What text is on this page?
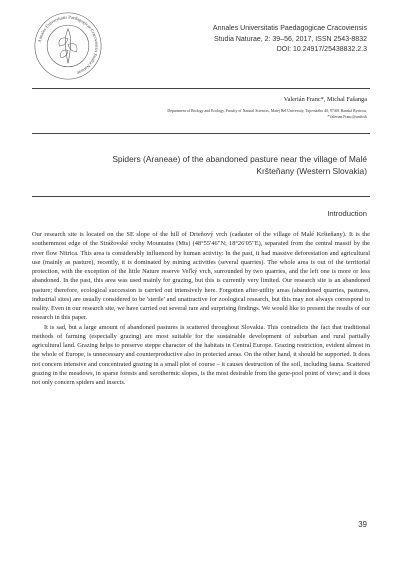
Annales Universitatis Paedagogicae Cracoviensis Studia Naturae
Annales Universitatis Paedagogicae Cracoviensis
Studia Naturae, 2: 39–56, 2017, ISSN 2543-8832
DOI: 10.24917/25438832.2.3
Valerián Franc*, Michal Fašanga
Department of Biology and Ecology, Faculty of Natural Sciences, Matej Bel University, Tajovského 40, 97401 Banská Bystrica,
*Valerian.Franc@umb.sk
Spiders (Araneae) of the abandoned pasture near the village of Malé
Kršteňany (Western Slovakia)
Introduction

Our research site is located on the SE slope of the hill of Driеňový vrch (cadaster of the village of Malé Kršteňany). It is the southernmost edge of the Strážovské vrchy Mountains (Mts) (48°55′46′′N; 18°26′05′′E), separated from the central massif by the river flow Nitrica. This area is considerably influenced by human activity: In the past, it had massive deforestation and agricultural use (mainly as pasture), recently, it is dominated by mining activities (several quarries). The whole area is out of the territorial protection, with the exception of the little Nature reserve Veľký vrch, surrounded by two quarries, and the left one is more or less abandoned. In the past, this area was used mainly for grazing, but this is currently very limited. Our research site is an abandoned pasture; therefore, ecological succession is carried out intensively here. Forgotten after-utility areas (abandoned quarries, pastures, industrial sites) are usually considered to be 'sterile' and unattractive for zoological research, but this may not always correspond to reality. Even in our research site, we have carried out several rare and surprising findings. We would like to present the results of our research in this paper.

It is sad, but a large amount of abandoned pastures is scattered throughout Slovakia. This contradicts the fact that traditional methods of farming (especially grazing) are most suitable for the sustainable development of suburban and rural partially agricultural land. Grazing helps to preserve steppe character of the habitats in Central Europe. Grazing restriction, evident almost in the whole of Europe, is unnecessary and counterproductive also in protected areas. On the other hand, it should be supported. It does not concern intensive and concentrated grazing in a small plot of course – it causes destruction of the soil, including fauna. Scattered grazing in the meadows, in sparse forests and xerothermic slopes, is the most desirable from the gene-pool point of view; and it does not only concern spiders and insects.

39
